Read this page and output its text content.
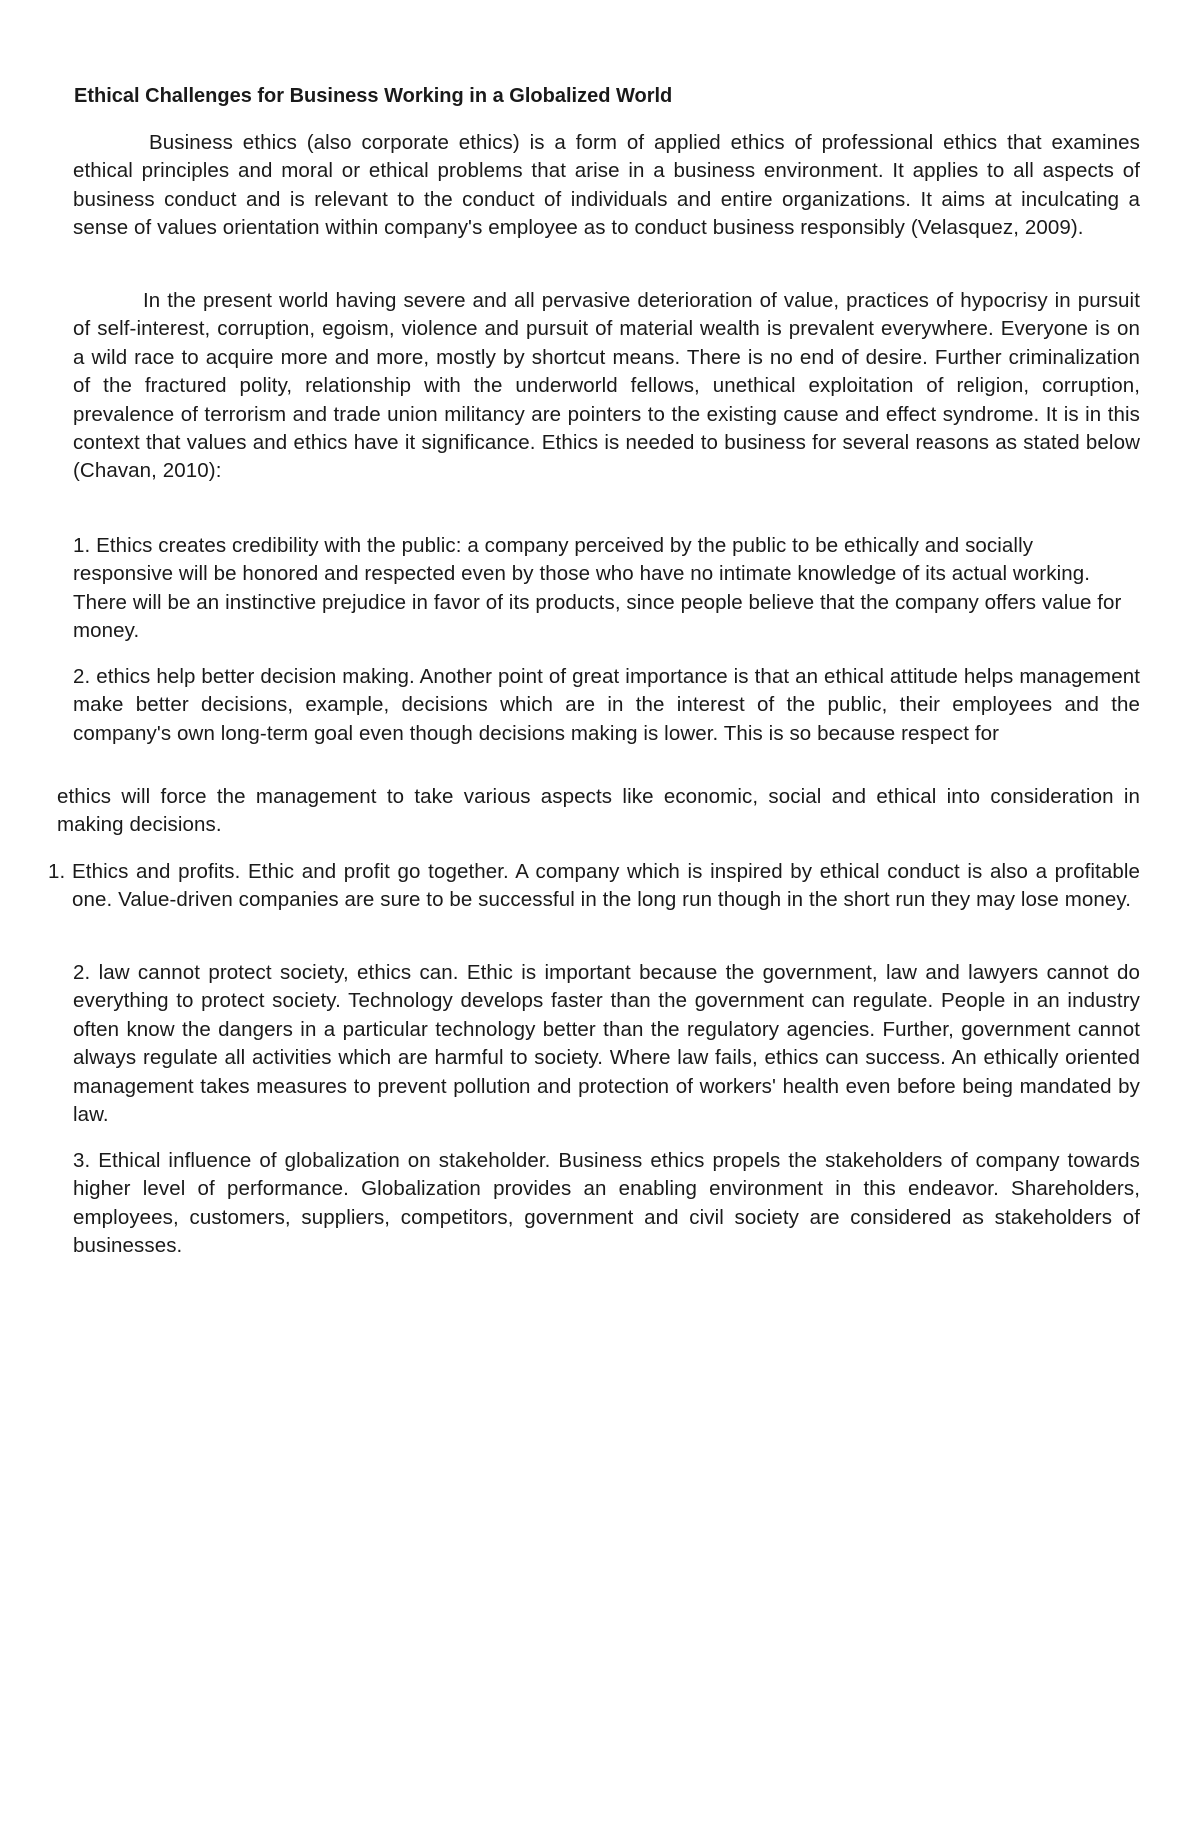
Ethical Challenges for Business Working in a Globalized World

Business ethics (also corporate ethics) is a form of applied ethics of professional ethics that examines ethical principles and moral or ethical problems that arise in a business environment. It applies to all aspects of business conduct and is relevant to the conduct of individuals and entire organizations. It aims at inculcating a sense of values orientation within company's employee as to conduct business responsibly (Velasquez, 2009).

In the present world having severe and all pervasive deterioration of value, practices of hypocrisy in pursuit of self-interest, corruption, egoism, violence and pursuit of material wealth is prevalent everywhere. Everyone is on a wild race to acquire more and more, mostly by shortcut means. There is no end of desire. Further criminalization of the fractured polity, relationship with the underworld fellows, unethical exploitation of religion, corruption, prevalence of terrorism and trade union militancy are pointers to the existing cause and effect syndrome. It is in this context that values and ethics have it significance. Ethics is needed to business for several reasons as stated below (Chavan, 2010):

1. Ethics creates credibility with the public: a company perceived by the public to be ethically and socially responsive will be honored and respected even by those who have no intimate knowledge of its actual working. There will be an instinctive prejudice in favor of its products, since people believe that the company offers value for money.

2. ethics help better decision making. Another point of great importance is that an ethical attitude helps management make better decisions, example, decisions which are in the interest of the public, their employees and the company's own long-term goal even though decisions making is lower. This is so because respect for

ethics will force the management to take various aspects like economic, social and ethical into consideration in making decisions.

1. Ethics and profits. Ethic and profit go together. A company which is inspired by ethical conduct is also a profitable one. Value-driven companies are sure to be successful in the long run though in the short run they may lose money.

2. law cannot protect society, ethics can. Ethic is important because the government, law and lawyers cannot do everything to protect society. Technology develops faster than the government can regulate. People in an industry often know the dangers in a particular technology better than the regulatory agencies. Further, government cannot always regulate all activities which are harmful to society. Where law fails, ethics can success. An ethically oriented management takes measures to prevent pollution and protection of workers' health even before being mandated by law.

3. Ethical influence of globalization on stakeholder. Business ethics propels the stakeholders of company towards higher level of performance. Globalization provides an enabling environment in this endeavor. Shareholders, employees, customers, suppliers, competitors, government and civil society are considered as stakeholders of businesses.
